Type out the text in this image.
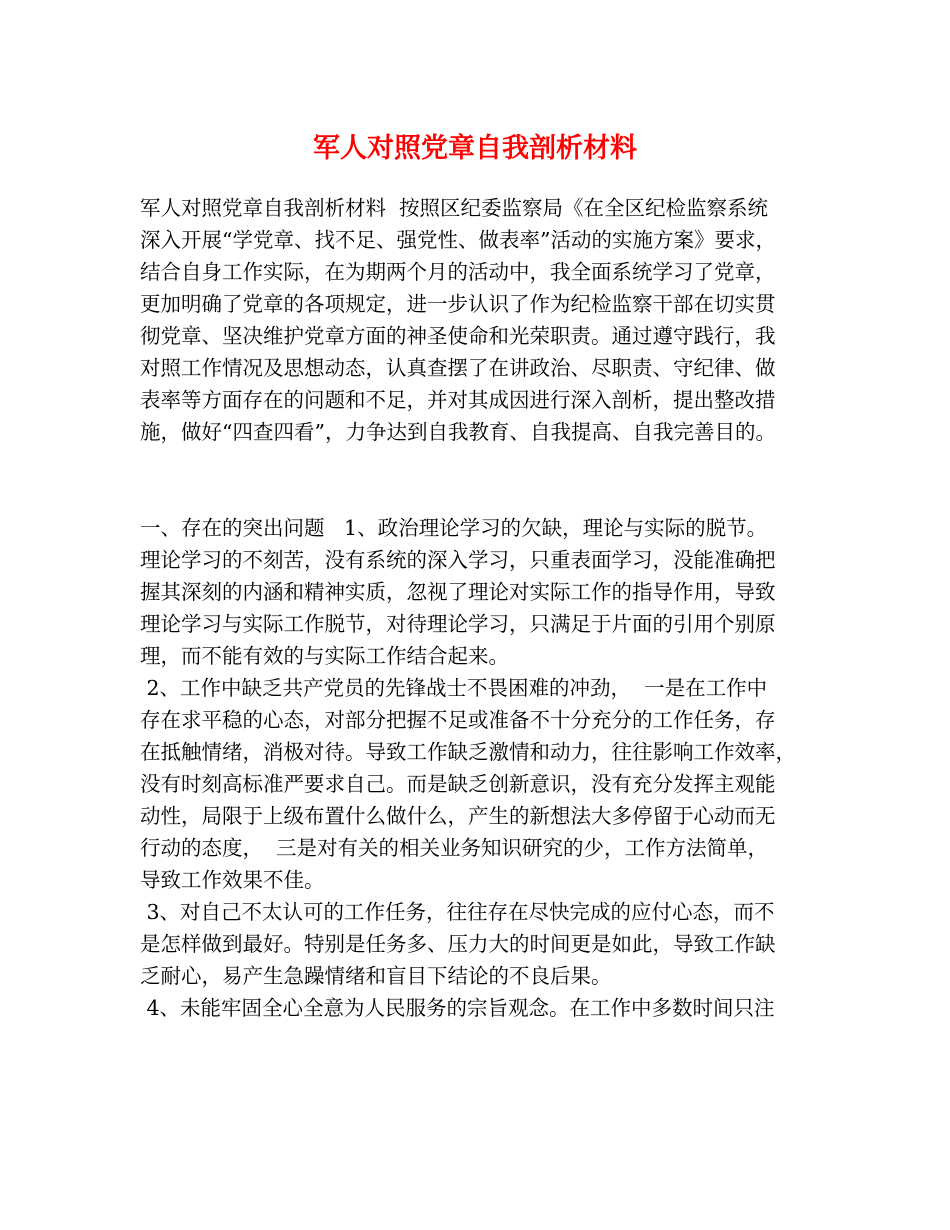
军人对照党章自我剖析材料

军人对照党章自我剖析材料  按照区纪委监察局《在全区纪检监察系统

深入开展“学党章、找不足、强党性、做表率”活动的实施方案》要求，

结合自身工作实际，在为期两个月的活动中，我全面系统学习了党章，

更加明确了党章的各项规定，进一步认识了作为纪检监察干部在切实贯

彻党章、坚决维护党章方面的神圣使命和光荣职责。通过遵守践行，我

对照工作情况及思想动态，认真查摆了在讲政治、尽职责、守纪律、做

表率等方面存在的问题和不足，并对其成因进行深入剖析，提出整改措

施，做好“四查四看”，力争达到自我教育、自我提高、自我完善目的。

一、存在的突出问题   1、政治理论学习的欠缺，理论与实际的脱节。

理论学习的不刻苦，没有系统的深入学习，只重表面学习，没能准确把

握其深刻的内涵和精神实质，忽视了理论对实际工作的指导作用，导致

理论学习与实际工作脱节，对待理论学习，只满足于片面的引用个别原

理，而不能有效的与实际工作结合起来。

2、工作中缺乏共产党员的先锋战士不畏困难的冲劲，  一是在工作中

存在求平稳的心态，对部分把握不足或准备不十分充分的工作任务，存

在抵触情绪，消极对待。导致工作缺乏激情和动力，往往影响工作效率，

没有时刻高标准严要求自己。而是缺乏创新意识，没有充分发挥主观能

动性，局限于上级布置什么做什么，产生的新想法大多停留于心动而无

行动的态度，  三是对有关的相关业务知识研究的少，工作方法简单，

导致工作效果不佳。

3、对自己不太认可的工作任务，往往存在尽快完成的应付心态，而不

是怎样做到最好。特别是任务多、压力大的时间更是如此，导致工作缺

乏耐心，易产生急躁情绪和盲目下结论的不良后果。

4、未能牢固全心全意为人民服务的宗旨观念。在工作中多数时间只注
